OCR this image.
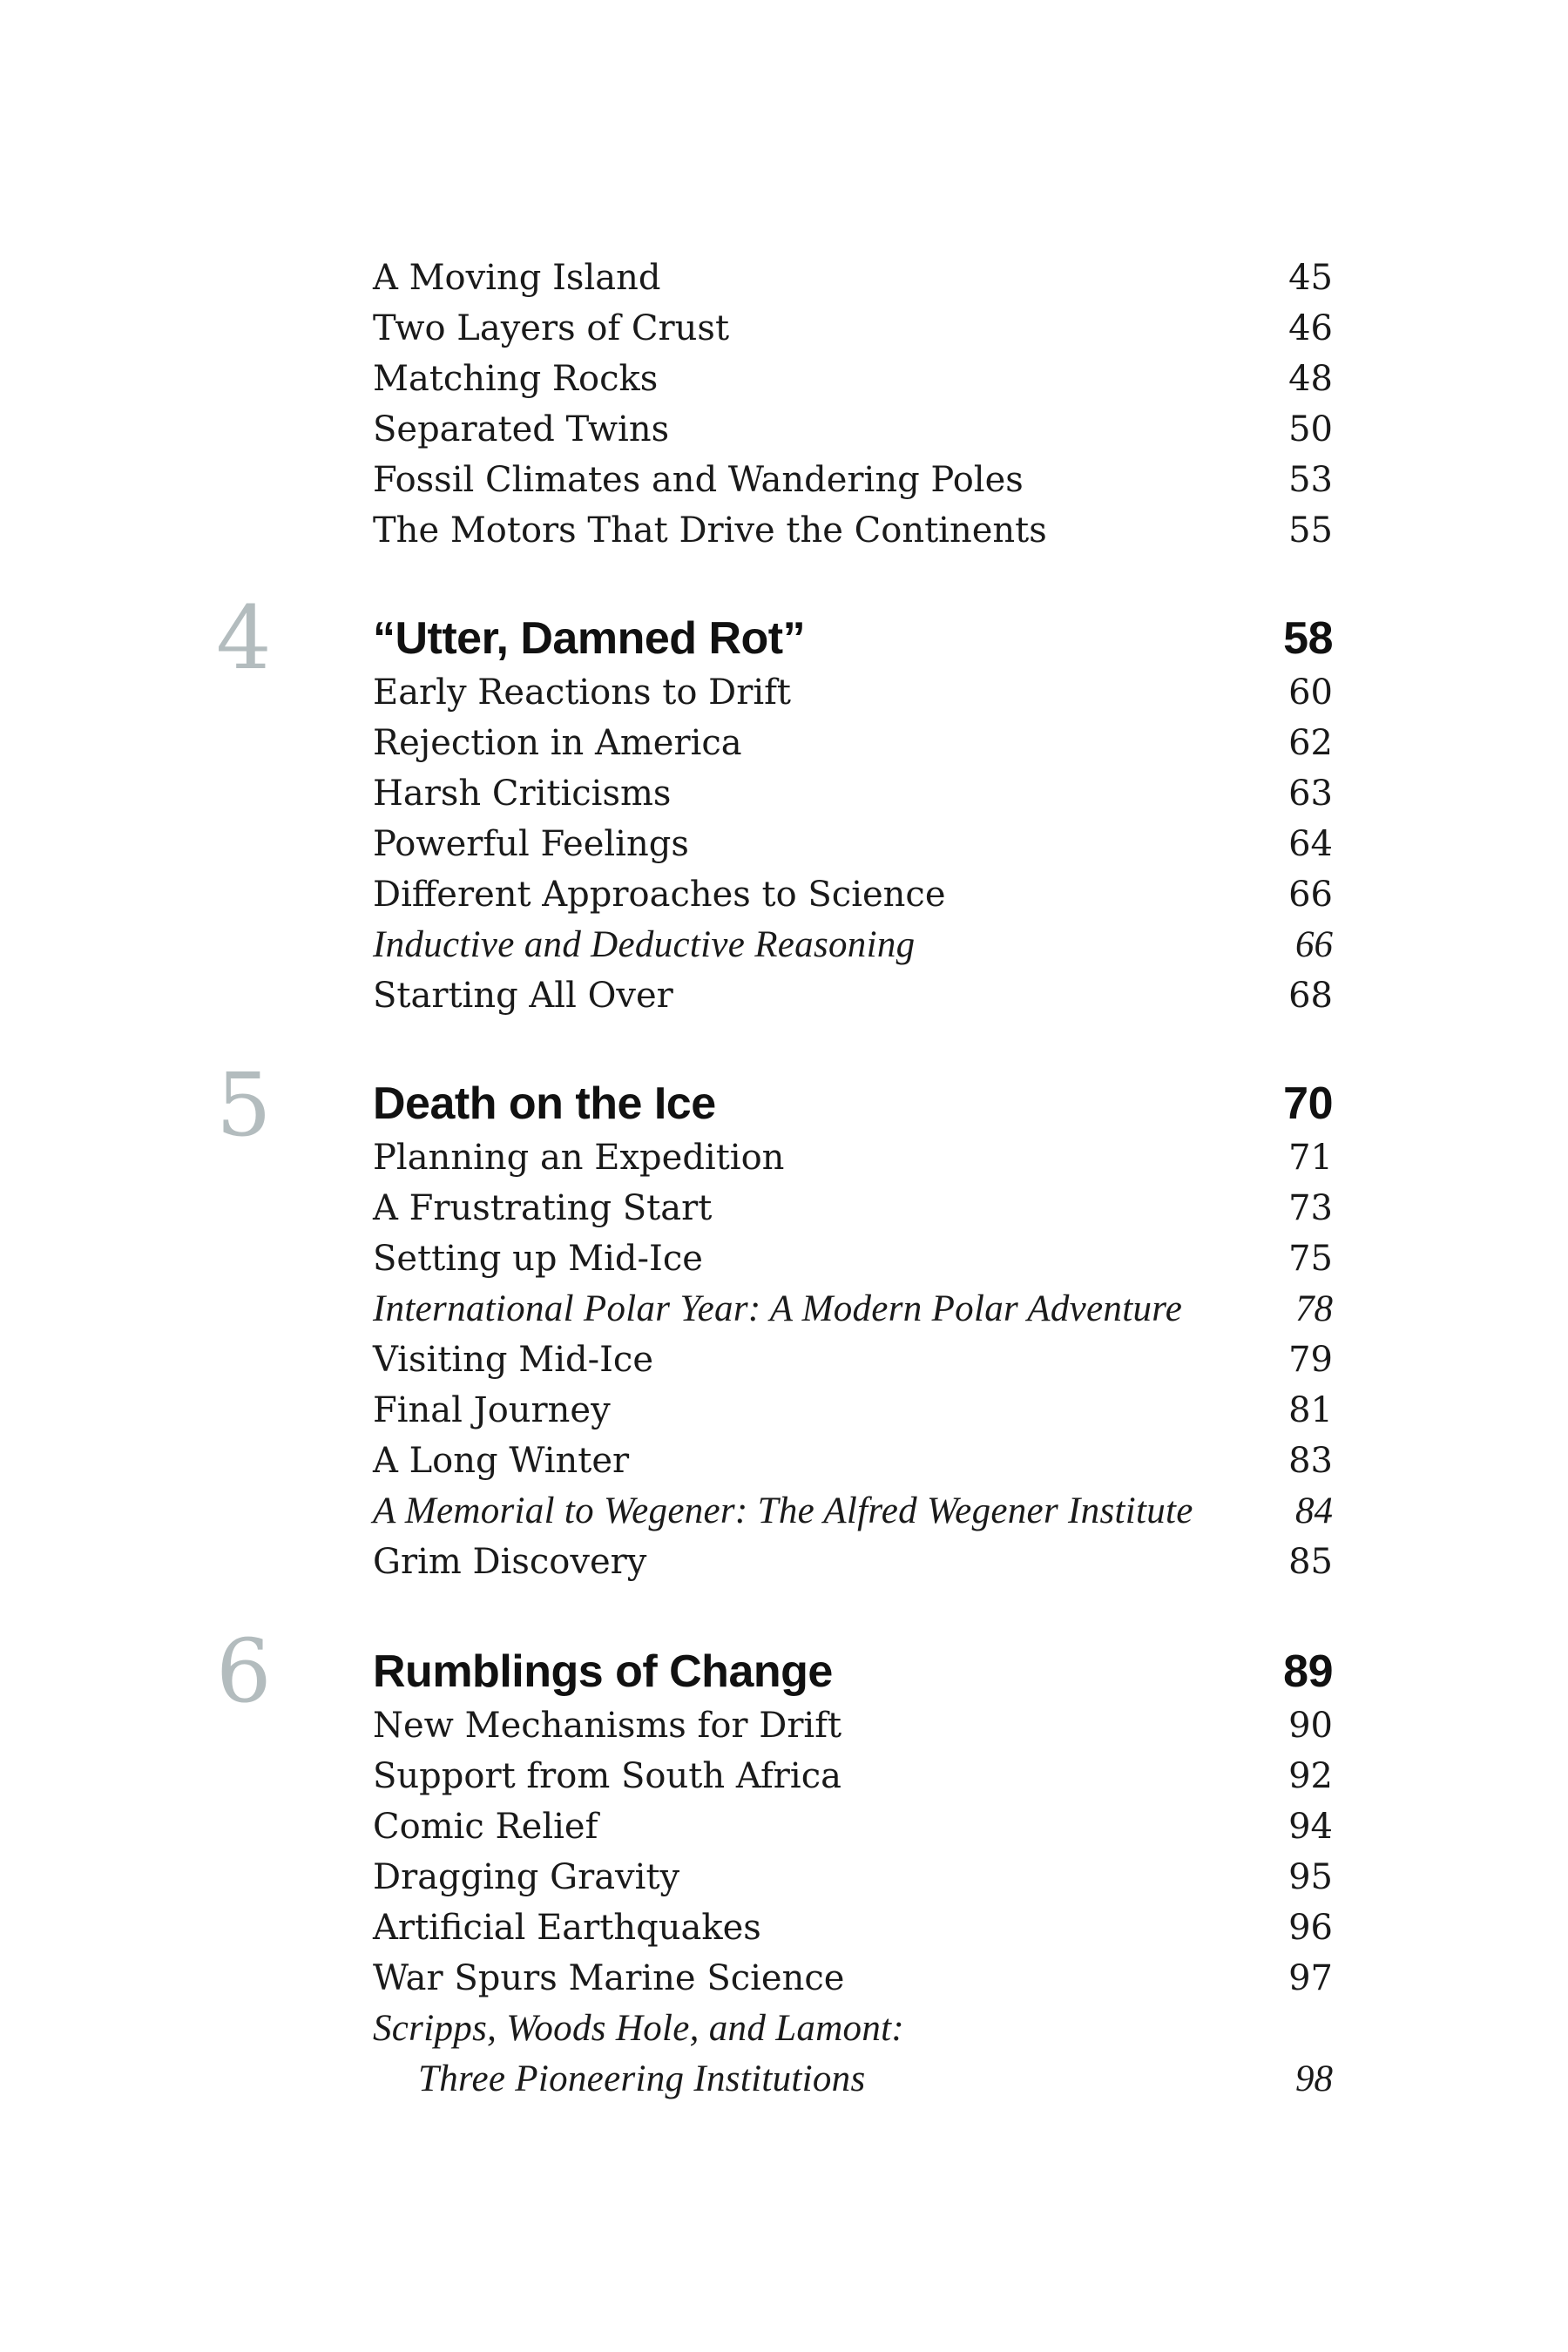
A Moving Island	45
Two Layers of Crust	46
Matching Rocks	48
Separated Twins	50
Fossil Climates and Wandering Poles	53
The Motors That Drive the Continents	55
4	“Utter, Damned Rot”	58
Early Reactions to Drift	60
Rejection in America	62
Harsh Criticisms	63
Powerful Feelings	64
Different Approaches to Science	66
Inductive and Deductive Reasoning	66
Starting All Over	68
5	Death on the Ice	70
Planning an Expedition	71
A Frustrating Start	73
Setting up Mid-Ice	75
International Polar Year: A Modern Polar Adventure	78
Visiting Mid-Ice	79
Final Journey	81
A Long Winter	83
A Memorial to Wegener: The Alfred Wegener Institute	84
Grim Discovery	85
6	Rumblings of Change	89
New Mechanisms for Drift	90
Support from South Africa	92
Comic Relief	94
Dragging Gravity	95
Artificial Earthquakes	96
War Spurs Marine Science	97
Scripps, Woods Hole, and Lamont:
Three Pioneering Institutions	98
